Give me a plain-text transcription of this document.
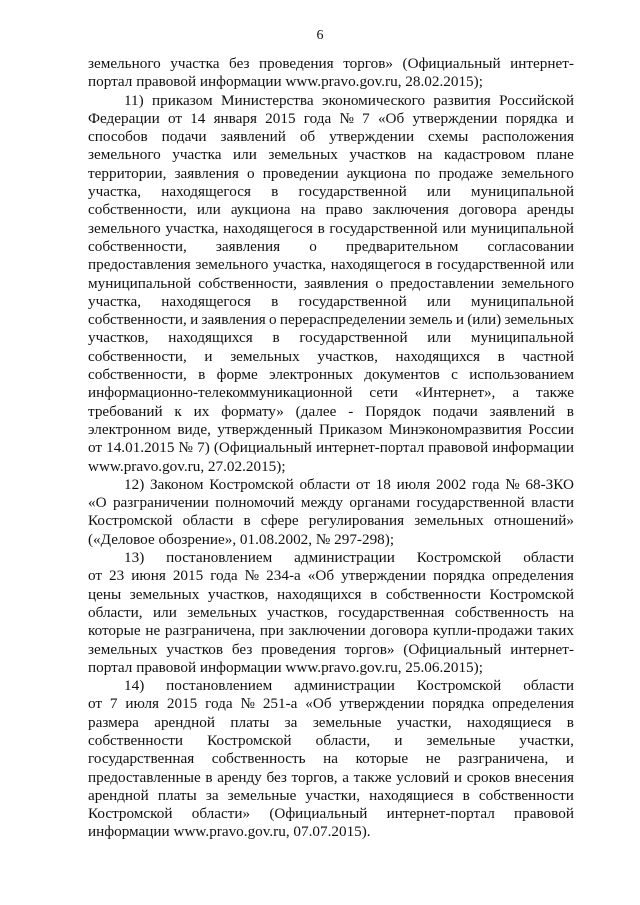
6
земельного участка без проведения торгов» (Официальный интернет-
портал правовой информации www.pravo.gov.ru, 28.02.2015);
11) приказом Министерства экономического развития Российской
Федерации от 14 января 2015 года № 7 «Об утверждении порядка и
способов подачи заявлений об утверждении схемы расположения
земельного участка или земельных участков на кадастровом плане
территории, заявления о проведении аукциона по продаже земельного
участка, находящегося в государственной или муниципальной
собственности, или аукциона на право заключения договора аренды
земельного участка, находящегося в государственной или муниципальной
собственности, заявления о предварительном согласовании
предоставления земельного участка, находящегося в государственной или
муниципальной собственности, заявления о предоставлении земельного
участка, находящегося в государственной или муниципальной
собственности, и заявления о перераспределении земель и (или) земельных
участков, находящихся в государственной или муниципальной
собственности, и земельных участков, находящихся в частной
собственности, в форме электронных документов с использованием
информационно-телекоммуникационной сети «Интернет», а также
требований к их формату» (далее - Порядок подачи заявлений в
электронном виде, утвержденный Приказом Минэкономразвития России
от 14.01.2015 № 7) (Официальный интернет-портал правовой информации
www.pravo.gov.ru, 27.02.2015);
12) Законом Костромской области от 18 июля 2002 года № 68-ЗКО
«О разграничении полномочий между органами государственной власти
Костромской области в сфере регулирования земельных отношений»
(«Деловое обозрение», 01.08.2002, № 297-298);
13) постановлением администрации Костромской области
от 23 июня 2015 года № 234-а «Об утверждении порядка определения
цены земельных участков, находящихся в собственности Костромской
области, или земельных участков, государственная собственность на
которые не разграничена, при заключении договора купли-продажи таких
земельных участков без проведения торгов» (Официальный интернет-
портал правовой информации www.pravo.gov.ru, 25.06.2015);
14) постановлением администрации Костромской области
от 7 июля 2015 года № 251-а «Об утверждении порядка определения
размера арендной платы за земельные участки, находящиеся в
собственности Костромской области, и земельные участки,
государственная собственность на которые не разграничена, и
предоставленные в аренду без торгов, а также условий и сроков внесения
арендной платы за земельные участки, находящиеся в собственности
Костромской области» (Официальный интернет-портал правовой
информации www.pravo.gov.ru, 07.07.2015).
